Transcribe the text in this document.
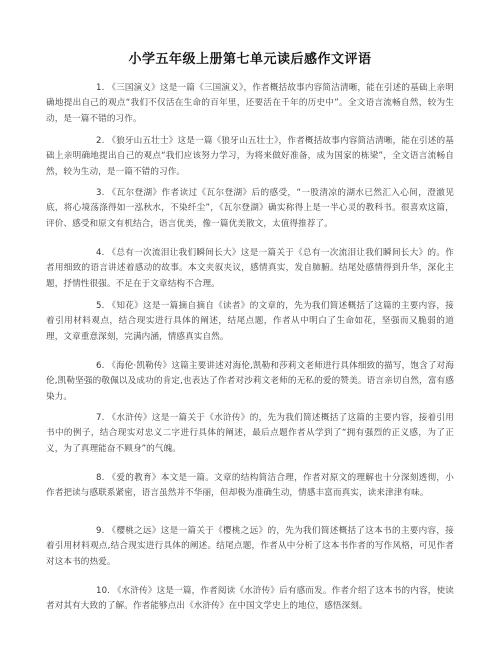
小学五年级上册第七单元读后感作文评语

1. 《三国演义》这是一篇《三国演义》，作者概括故事内容简洁清晰，能在引述的基础上亲明确地提出自己的观点“我们不仅活在生命的百年里，还要活在千年的历史中”。全文语言流畅自然，较为生动，是一篇不错的习作。

2. 《狼牙山五壮士》这是一篇《狼牙山五壮士》，作者概括故事内容简洁清晰，能在引述的基础上亲明确地提出自己的观点“我们应该努力学习，为将来做好准备，成为国家的栋梁”，全文语言流畅自然，较为生动，是一篇不错的习作。

3. 《瓦尔登湖》作者读过《瓦尔登湖》后的感受，“一股清凉的湖水已然汇入心间，澄澈见底，将心境荡涤得如一泓秋水，不染纤尘”，《瓦尔登湖》确实称得上是一半心灵的教科书。很喜欢这篇，评价、感受和原文有机结合，语言优美，像一篇优美散文，太值得推荐了。

4. 《总有一次流泪让我们瞬间长大》这是一篇关于《总有一次流泪让我们瞬间长大》的。作者用细致的语言讲述着感动的故事。本文夹叙夹议，感情真实，发自肺腑。结尾处感情得到升华，深化主题，抒情性很强。不足在于文章结构不合理。

5. 《知花》这是一篇摘自摘自《读者》的文章的，先为我们简述概括了这篇的主要内容，接着引用材料观点，结合现实进行具体的阐述，结尾点题，作者从中明白了生命如花，坚强而又脆弱的道理，文章重意深刻，完满内涵，情感真实自然。

6. 《海伦·凯勒传》这篇主要讲述对海伦,凯勒和莎莉文老师进行具体细致的描写，饱含了对海伦,凯勒坚强的敬佩以及成功的肯定,也表达了作者对沙莉文老师的无私的爱的赞美。语言亲切自然，富有感染力。

7. 《水浒传》这是一篇关于《水浒传》的，先为我们简述概括了这篇的主要内容，接着引用书中的例子，结合现实对忠义二字进行具体的阐述，最后点题作者从学到了“拥有强烈的正义感，为了正义，为了真理能奋不顾身”的气魄。

8. 《爱的教育》本文是一篇。文章的结构简洁合理，作者对原文的理解也十分深刻透彻，小作者把读与感联系紧密，语言虽然并不华丽，但却极为准确生动，情感丰富而真实，读来津津有味。

9. 《樱桃之远》这是一篇关于《樱桃之远》的，先为我们简述概括了这本书的主要内容，接着引用材料观点,结合现实进行具体的阐述。结尾点题，作者从中分析了这本书作者的写作风格，可见作者对这本书的热爱。

10. 《水浒传》这是一篇，作者阅读《水浒传》后有感而发。作者介绍了这本书的内容，使读者对其有大致的了解。作者能够点出《水浒传》在中国文学史上的地位，感悟深刻。
